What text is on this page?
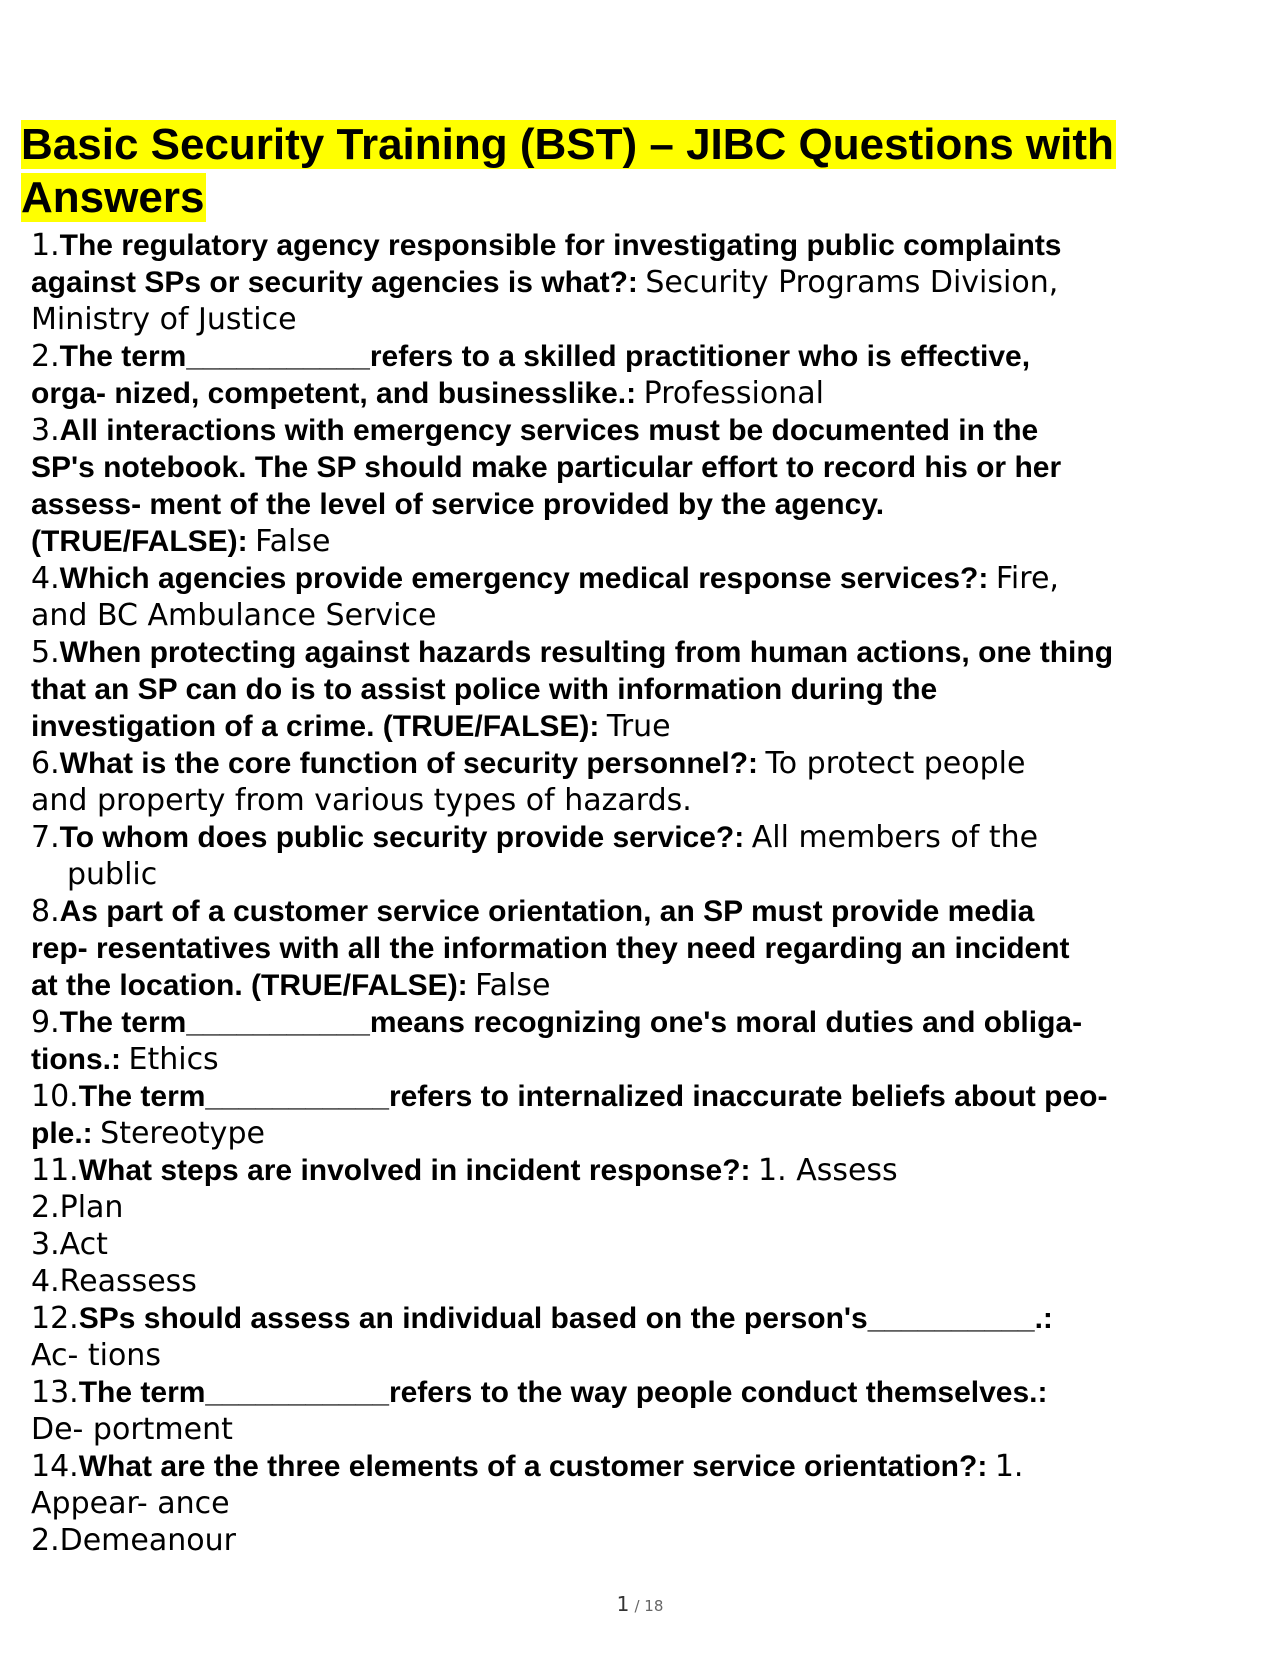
Basic Security Training (BST) – JIBC Questions with
Answers
1.The regulatory agency responsible for investigating public complaints
against SPs or security agencies is what?: Security Programs Division,
Ministry of Justice
2.The term___________refers to a skilled practitioner who is effective,
orga- nized, competent, and businesslike.: Professional
3.All interactions with emergency services must be documented in the
SP's notebook. The SP should make particular effort to record his or her
assess- ment of the level of service provided by the agency.
(TRUE/FALSE): False
4.Which agencies provide emergency medical response services?: Fire,
and BC Ambulance Service
5.When protecting against hazards resulting from human actions, one thing
that an SP can do is to assist police with information during the
investigation of a crime. (TRUE/FALSE): True
6.What is the core function of security personnel?: To protect people
and property from various types of hazards.
7.To whom does public security provide service?: All members of the
public
8.As part of a customer service orientation, an SP must provide media
rep- resentatives with all the information they need regarding an incident
at the location. (TRUE/FALSE): False
9.The term___________means recognizing one's moral duties and obliga-
tions.: Ethics
10.The term___________refers to internalized inaccurate beliefs about peo-
ple.: Stereotype
11.What steps are involved in incident response?: 1. Assess
2.Plan
3.Act
4.Reassess
12.SPs should assess an individual based on the person's__________.:
Ac- tions
13.The term___________refers to the way people conduct themselves.:
De- portment
14.What are the three elements of a customer service orientation?: 1.
Appear- ance
2.Demeanour
1 / 18
